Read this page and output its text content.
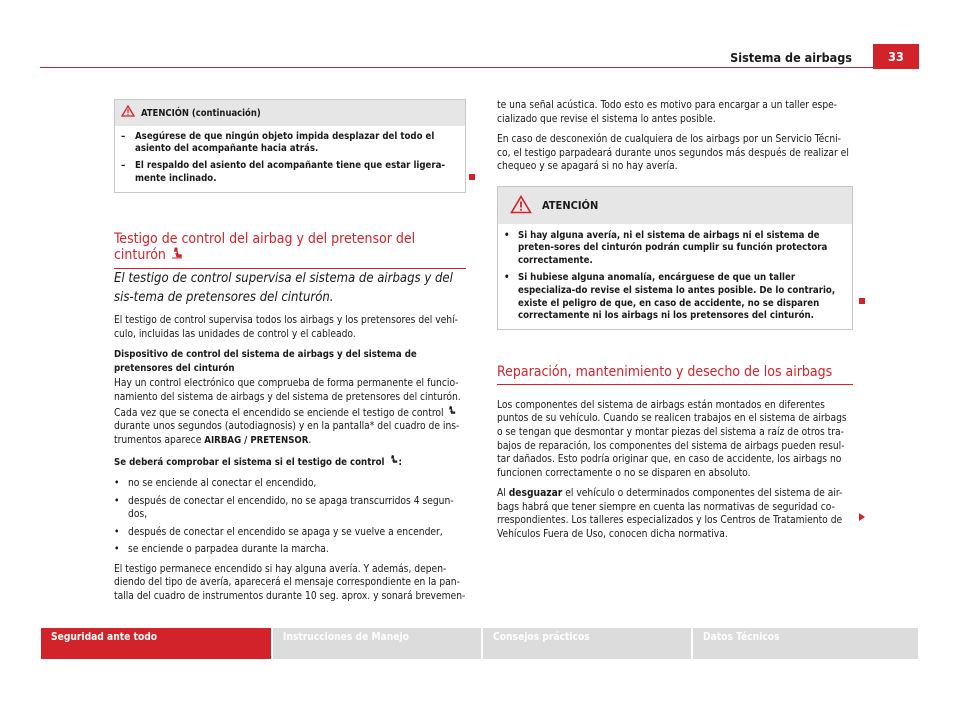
Sistema de airbags	33
ATENCIÓN (continuación)
–	Asegúrese de que ningún objeto impida desplazar del todo el asiento del acompañante hacia atrás.
–	El respaldo del asiento del acompañante tiene que estar ligera-mente inclinado.
Testigo de control del airbag y del pretensor del cinturón

El testigo de control supervisa el sistema de airbags y del sis-tema de pretensores del cinturón.

El testigo de control supervisa todos los airbags y los pretensores del vehí-culo, incluidas las unidades de control y el cableado.

Dispositivo de control del sistema de airbags y del sistema de pretensores del cinturón

Hay un control electrónico que comprueba de forma permanente el funcio-namiento del sistema de airbags y del sistema de pretensores del cinturón. Cada vez que se conecta el encendido se enciende el testigo de control  durante unos segundos (autodiagnosis) y en la pantalla* del cuadro de ins-trumentos aparece AIRBAG / PRETENSOR.

Se deberá comprobar el sistema si el testigo de control :

• no se enciende al conectar el encendido,
• después de conectar el encendido, no se apaga transcurridos 4 segun-dos,
• después de conectar el encendido se apaga y se vuelve a encender,
• se enciende o parpadea durante la marcha.

El testigo permanece encendido si hay alguna avería. Y además, depen-diendo del tipo de avería, aparecerá el mensaje correspondiente en la pan-talla del cuadro de instrumentos durante 10 seg. aprox. y sonará brevemen-

te una señal acústica. Todo esto es motivo para encargar a un taller espe-cializado que revise el sistema lo antes posible.

En caso de desconexión de cualquiera de los airbags por un Servicio Técni-co, el testigo parpadeará durante unos segundos más después de realizar el chequeo y se apagará si no hay avería.

ATENCIÓN
• Si hay alguna avería, ni el sistema de airbags ni el sistema de preten-sores del cinturón podrán cumplir su función protectora correctamente.
• Si hubiese alguna anomalía, encárguese de que un taller especializa-do revise el sistema lo antes posible. De lo contrario, existe el peligro de que, en caso de accidente, no se disparen correctamente ni los airbags ni los pretensores del cinturón.
Reparación, mantenimiento y desecho de los airbags

Los componentes del sistema de airbags están montados en diferentes puntos de su vehículo. Cuando se realicen trabajos en el sistema de airbags o se tengan que desmontar y montar piezas del sistema a raíz de otros tra-bajos de reparación, los componentes del sistema de airbags pueden resul-tar dañados. Esto podría originar que, en caso de accidente, los airbags no funcionen correctamente o no se disparen en absoluto.

Al desguazar el vehículo o determinados componentes del sistema de air-bags habrá que tener siempre en cuenta las normativas de seguridad co-rrespondientes. Los talleres especializados y los Centros de Tratamiento de Vehículos Fuera de Uso, conocen dicha normativa.

Seguridad ante todo	Instrucciones de Manejo	Consejos prácticos	Datos Técnicos
